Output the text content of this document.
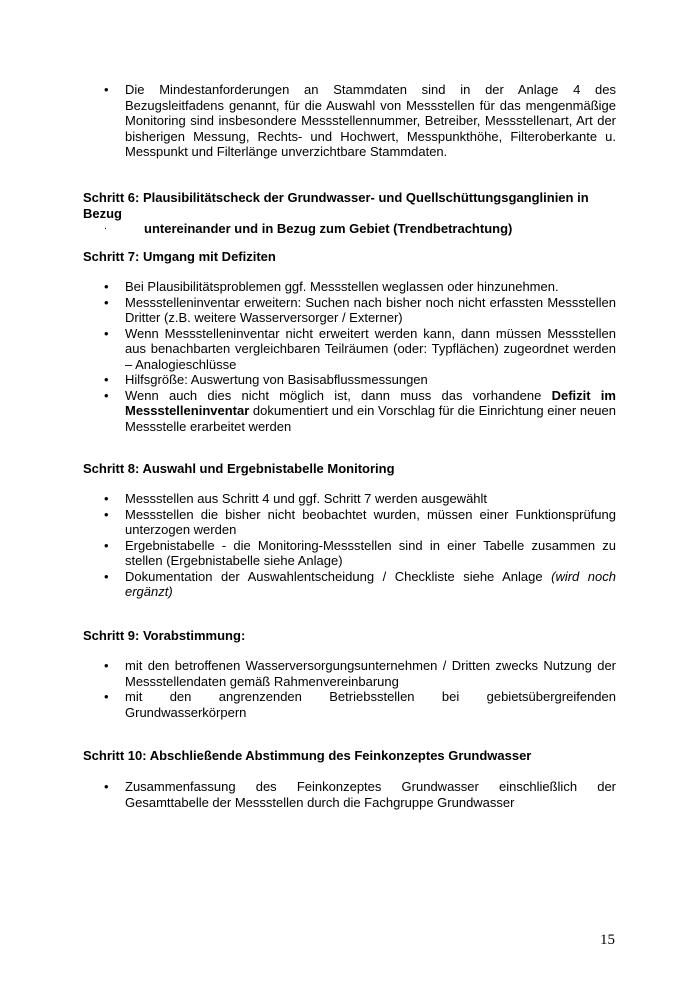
• Die Mindestanforderungen an Stammdaten sind in der Anlage 4 des Bezugsleitfadens genannt, für die Auswahl von Messstellen für das mengenmäßige Monitoring sind insbesondere Messstellennummer, Betreiber, Messstellenart, Art der bisherigen Messung, Rechts- und Hochwert, Messpunkthöhe, Filteroberkante u. Messpunkt und Filterlänge unverzichtbare Stammdaten.
Schritt 6: Plausibilitätscheck der Grundwasser- und Quellschüttungsganglinien in Bezug
untereinander und in Bezug zum Gebiet (Trendbetrachtung)
.
Schritt 7: Umgang mit Defiziten
• Bei Plausibilitätsproblemen ggf. Messstellen weglassen oder hinzunehmen.
• Messstelleninventar erweitern: Suchen nach bisher noch nicht erfassten Messstellen Dritter (z.B. weitere Wasserversorger / Externer)
• Wenn Messstelleninventar nicht erweitert werden kann, dann müssen Messstellen aus benachbarten vergleichbaren Teilräumen (oder: Typflächen) zugeordnet werden – Analogieschlüsse
• Hilfsgröße: Auswertung von Basisabflussmessungen
• Wenn auch dies nicht möglich ist, dann muss das vorhandene Defizit im Messstelleninventar dokumentiert und ein Vorschlag für die Einrichtung einer neuen Messstelle erarbeitet werden
Schritt 8: Auswahl und Ergebnistabelle Monitoring
• Messstellen aus Schritt 4 und ggf. Schritt 7 werden ausgewählt
• Messstellen die bisher nicht beobachtet wurden, müssen einer Funktionsprüfung unterzogen werden
• Ergebnistabelle - die Monitoring-Messstellen sind in einer Tabelle zusammen zu stellen (Ergebnistabelle siehe Anlage)
• Dokumentation der Auswahlentscheidung / Checkliste siehe Anlage (wird noch ergänzt)
Schritt 9: Vorabstimmung:
• mit den betroffenen Wasserversorgungsunternehmen / Dritten zwecks Nutzung der Messstellendaten gemäß Rahmenvereinbarung
• mit den angrenzenden Betriebsstellen bei gebietsübergreifenden Grundwasserkörpern
Schritt 10: Abschließende Abstimmung des Feinkonzeptes Grundwasser
• Zusammenfassung des Feinkonzeptes Grundwasser einschließlich der Gesamttabelle der Messstellen durch die Fachgruppe Grundwasser
15
